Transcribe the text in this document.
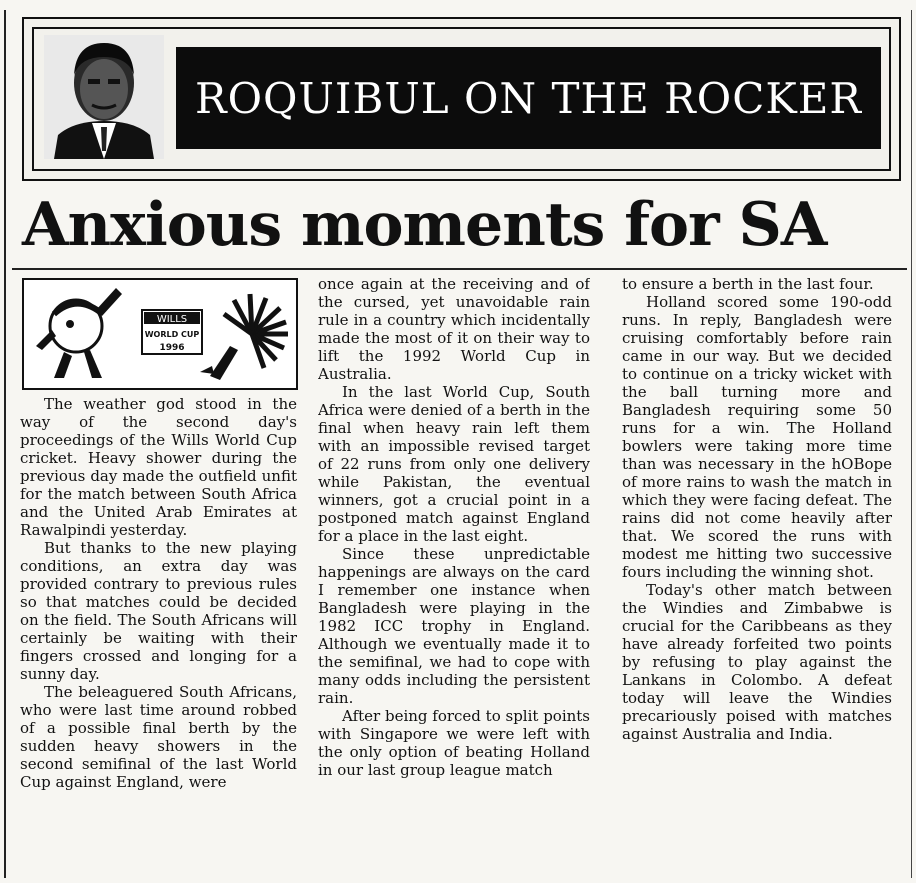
ROQUIBUL ON THE ROCKER
Anxious moments for SA
WILLS
WORLD CUP
1996

The weather god stood in the way of the second day's proceedings of the Wills World Cup cricket. Heavy shower during the previous day made the outfield unfit for the match between South Africa and the United Arab Emirates at Rawalpindi yesterday.

But thanks to the new playing conditions, an extra day was provided contrary to previous rules so that matches could be decided on the field. The South Africans will certainly be waiting with their fingers crossed and longing for a sunny day.

The beleaguered South Africans, who were last time around robbed of a possible final berth by the sudden heavy showers in the second semifinal of the last World Cup against England, were

once again at the receiving and of the cursed, yet unavoidable rain rule in a country which incidentally made the most of it on their way to lift the 1992 World Cup in Australia.

In the last World Cup, South Africa were denied of a berth in the final when heavy rain left them with an impossible revised target of 22 runs from only one delivery while Pakistan, the eventual winners, got a crucial point in a postponed match against England for a place in the last eight.

Since these unpredictable happenings are always on the card I remember one instance when Bangladesh were playing in the 1982 ICC trophy in England. Although we eventually made it to the semifinal, we had to cope with many odds including the persistent rain.

After being forced to split points with Singapore we were left with the only option of beating Holland in our last group league match

to ensure a berth in the last four.

Holland scored some 190-odd runs. In reply, Bangladesh were cruising comfortably before rain came in our way. But we decided to continue on a tricky wicket with the ball turning more and Bangladesh requiring some 50 runs for a win. The Holland bowlers were taking more time than was necessary in the hOBope of more rains to wash the match in which they were facing defeat. The rains did not come heavily after that. We scored the runs with modest me hitting two successive fours including the winning shot.

Today's other match between the Windies and Zimbabwe is crucial for the Caribbeans as they have already forfeited two points by refusing to play against the Lankans in Colombo. A defeat today will leave the Windies precariously poised with matches against Australia and India.
